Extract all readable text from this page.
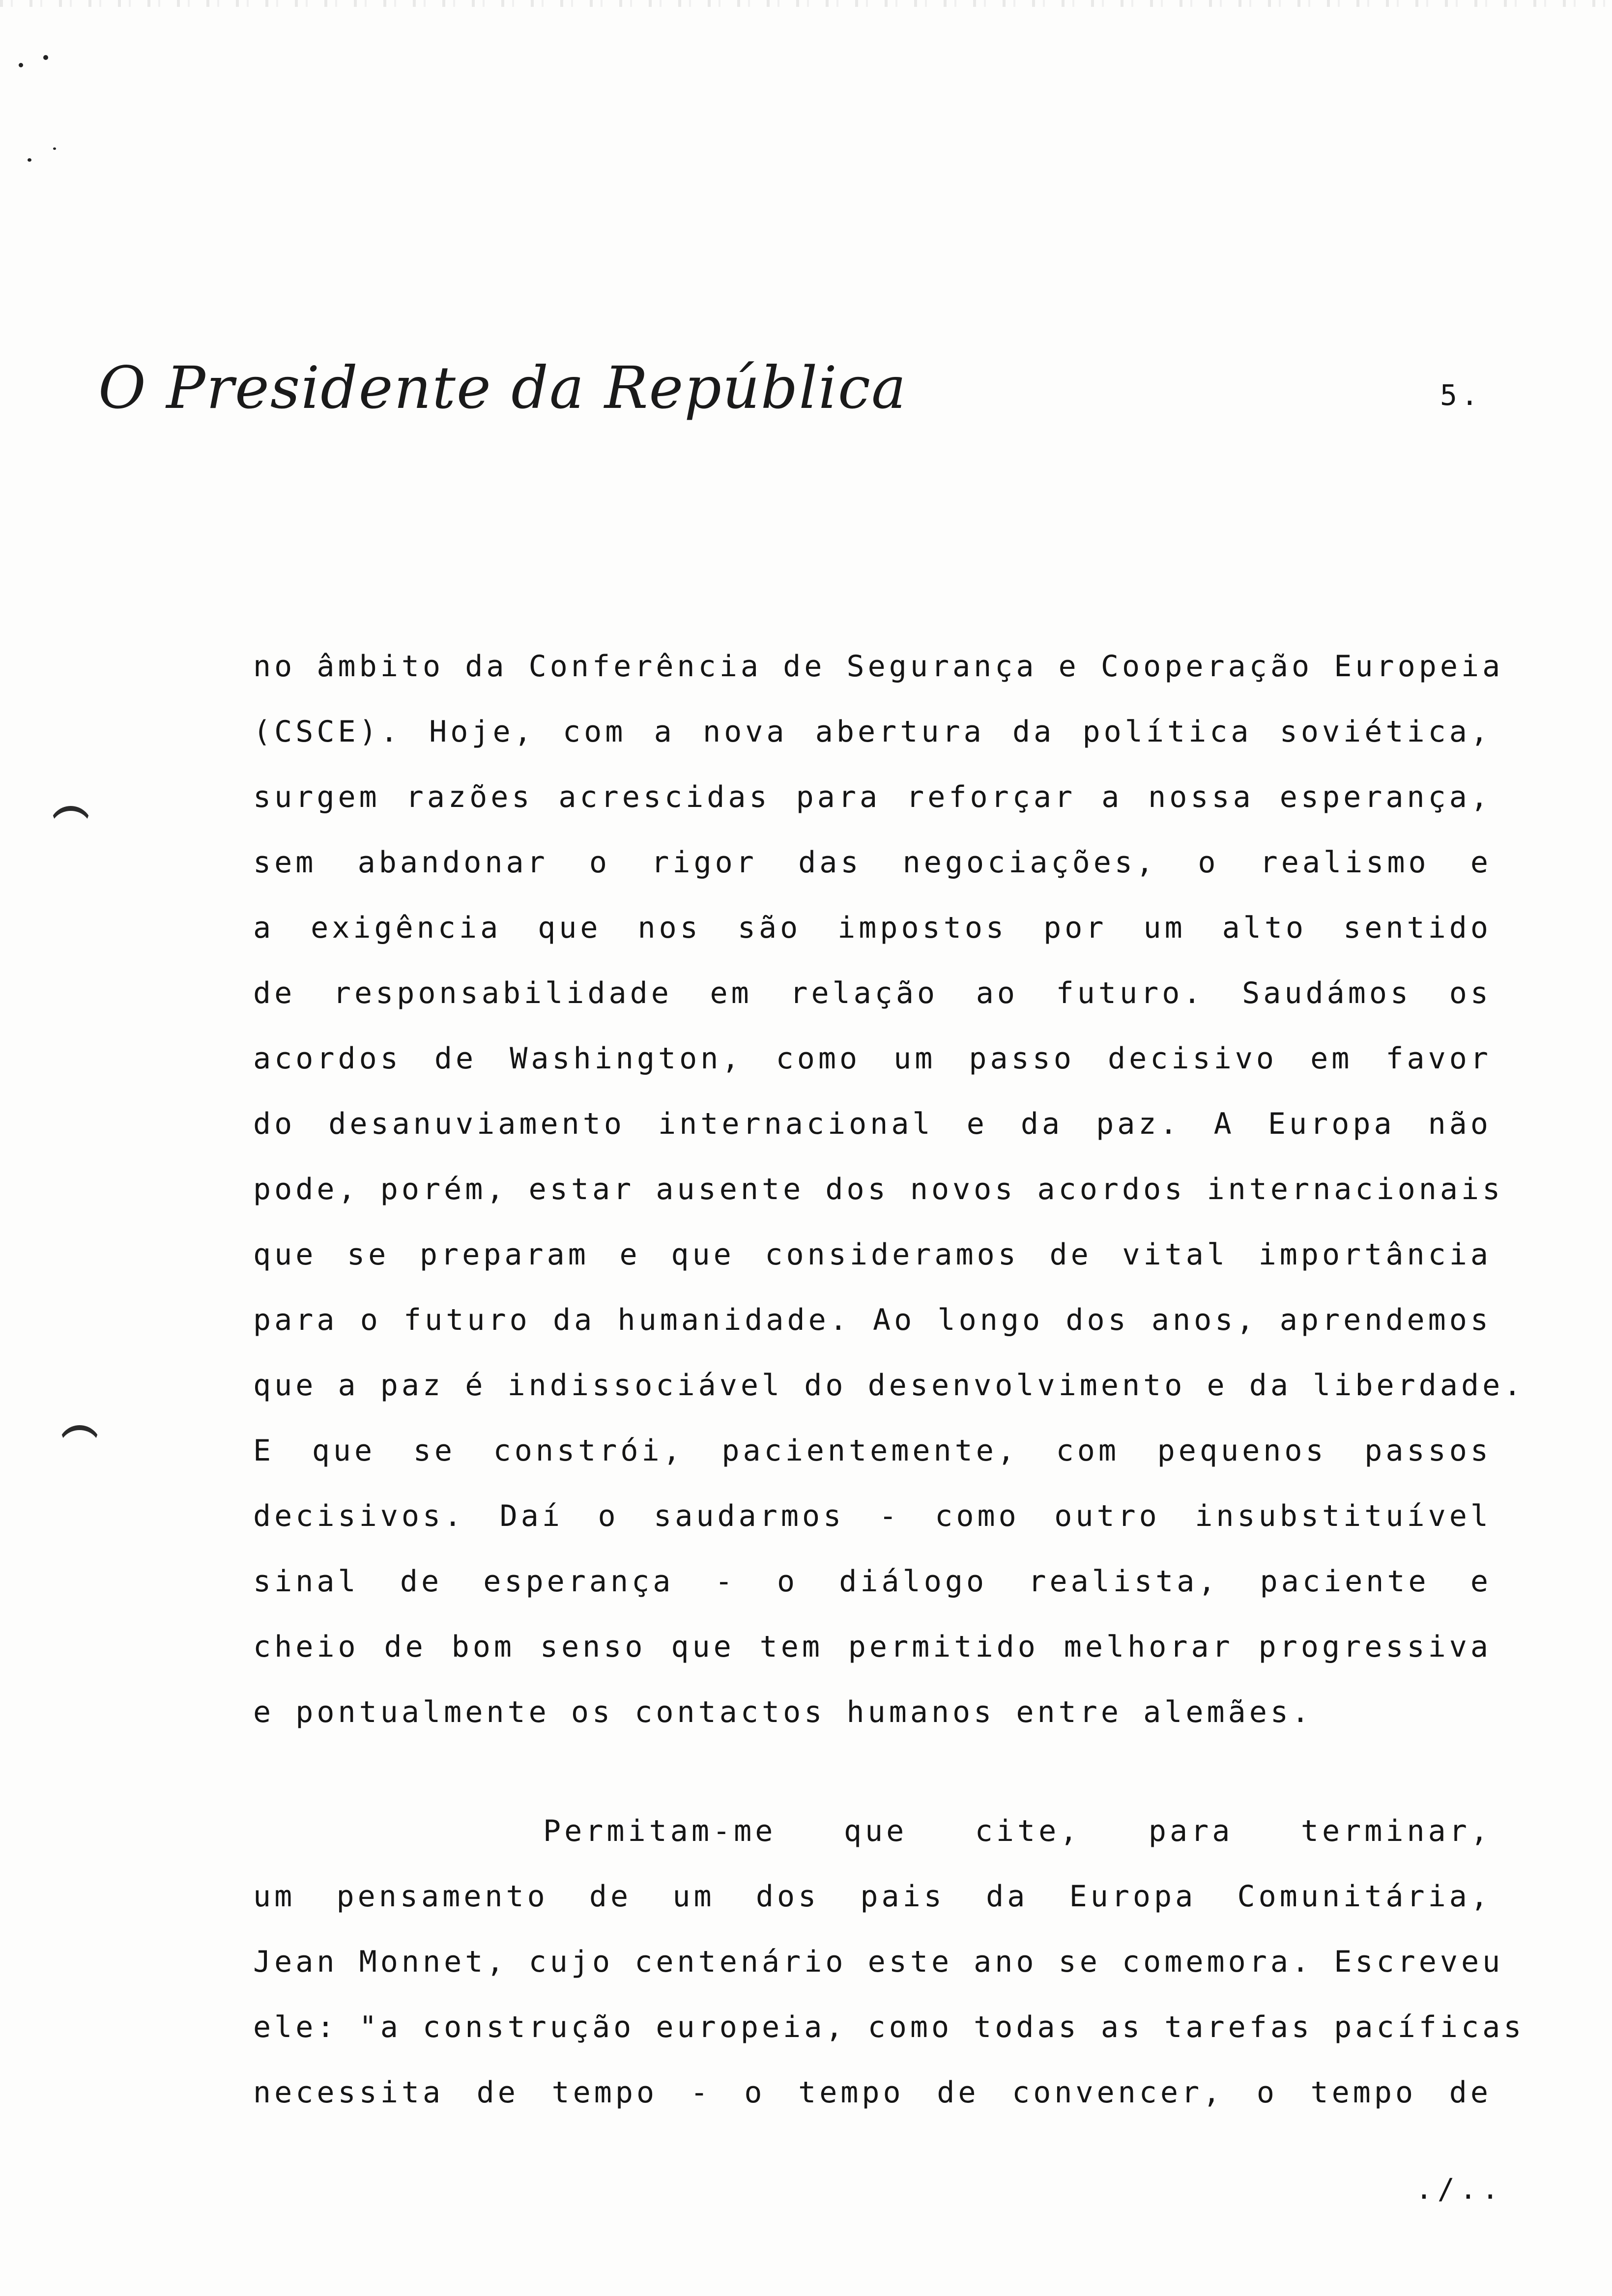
O Presidente da República	5.
no âmbito da Conferência de Segurança e Cooperação Europeia
(CSCE). Hoje, com a nova abertura da política soviética,
surgem razões acrescidas para reforçar a nossa esperança,
sem abandonar o rigor das negociações, o realismo e
a exigência que nos são impostos por um alto sentido
de responsabilidade em relação ao futuro. Saudámos os
acordos de Washington, como um passo decisivo em favor
do desanuviamento internacional e da paz. A Europa não
pode, porém, estar ausente dos novos acordos internacionais
que se preparam e que consideramos de vital importância
para o futuro da humanidade. Ao longo dos anos, aprendemos
que a paz é indissociável do desenvolvimento e da liberdade.
E que se constrói, pacientemente, com pequenos passos
decisivos. Daí o saudarmos - como outro insubstituível
sinal de esperança - o diálogo realista, paciente e
cheio de bom senso que tem permitido melhorar progressiva
e pontualmente os contactos humanos entre alemães.
Permitam-me que cite, para terminar,
um pensamento de um dos pais da Europa Comunitária,
Jean Monnet, cujo centenário este ano se comemora. Escreveu
ele: "a construção europeia, como todas as tarefas pacíficas
necessita de tempo - o tempo de convencer, o tempo de
./..
